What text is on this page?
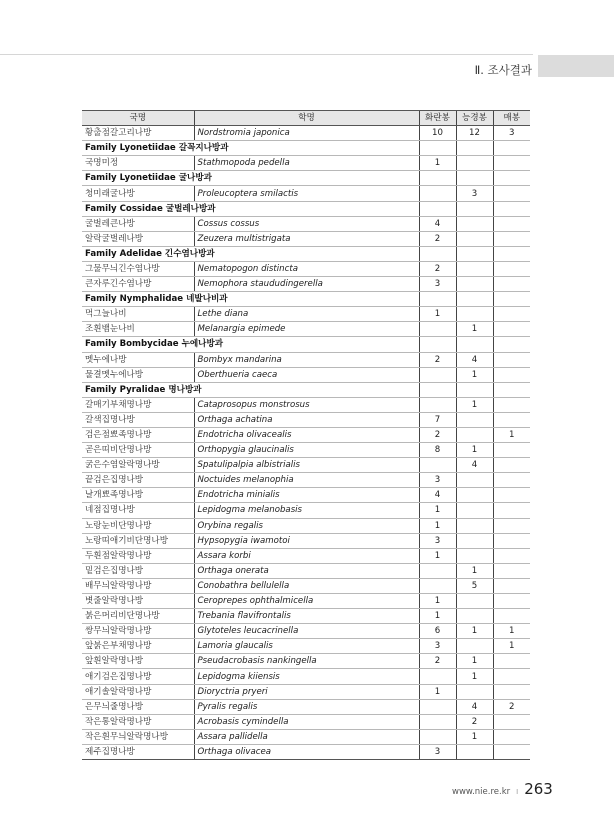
Ⅱ. 조사결과
국명	학명	화란봉	능경봉	매봉
황출점갈고리나방	Nordstromia japonica	10	12	3
Family Lyonetiidae 갈꼭지나방과				
국명미정	Stathmopoda pedella	1		
Family Lyonetiidae 굴나방과				
청미래굴나방	Proleucoptera smilactis		3	
Family Cossidae 굴벌레나방과				
굴벌레큰나방	Cossus cossus	4		
알락굴벌레나방	Zeuzera multistrigata	2		
Family Adelidae 긴수염나방과				
그물무늬긴수염나방	Nematopogon distincta	2		
큰자루긴수염나방	Nemophora staududingerella	3		
Family Nymphalidae 네발나비과				
먹그늘나비	Lethe diana	1		
조흰뱀눈나비	Melanargia epimede		1	
Family Bombycidae 누에나방과				
멧누에나방	Bombyx mandarina	2	4	
물결멧누에나방	Oberthueria caeca		1	
Family Pyralidae 명나방과				
갈매기부채명나방	Cataprosopus monstrosus		1	
갈색집명나방	Orthaga achatina	7		
검은점뾰족명나방	Endotricha olivacealis	2		1
곧은띠비단명나방	Orthopygia glaucinalis	8	1	
굵은수염알락명나방	Spatulipalpia albistrialis		4	
끝검은집명나방	Noctuides melanophia	3		
날개뾰족명나방	Endotricha minialis	4		
네점집명나방	Lepidogma melanobasis	1		
노랑눈비단명나방	Orybina regalis	1		
노랑띠애기비단명나방	Hypsopygia iwamotoi	3		
두흰점알락명나방	Assara korbi	1		
밑검은집명나방	Orthaga onerata		1	
배무늬알락명나방	Conobathra bellulella		5	
볏줄알락명나방	Ceroprepes ophthalmicella	1		
붉은머리비단명나방	Trebania flavifrontalis	1		
쌍무늬알락명나방	Glytoteles leucacrinella	6	1	1
앞붉은부채명나방	Lamoria glaucalis	3		1
앞흰알락명나방	Pseudacrobasis nankingella	2	1	
애기검은집명나방	Lepidogma kiiensis		1	
애기솔알락명나방	Dioryctria pryeri	1		
은무늬줄명나방	Pyralis regalis		4	2
작은통알락명나방	Acrobasis cymindella		2	
작은흰무늬알락명나방	Assara pallidella		1	
제주집명나방	Orthaga olivacea	3		
www.nie.re.kr I 263
